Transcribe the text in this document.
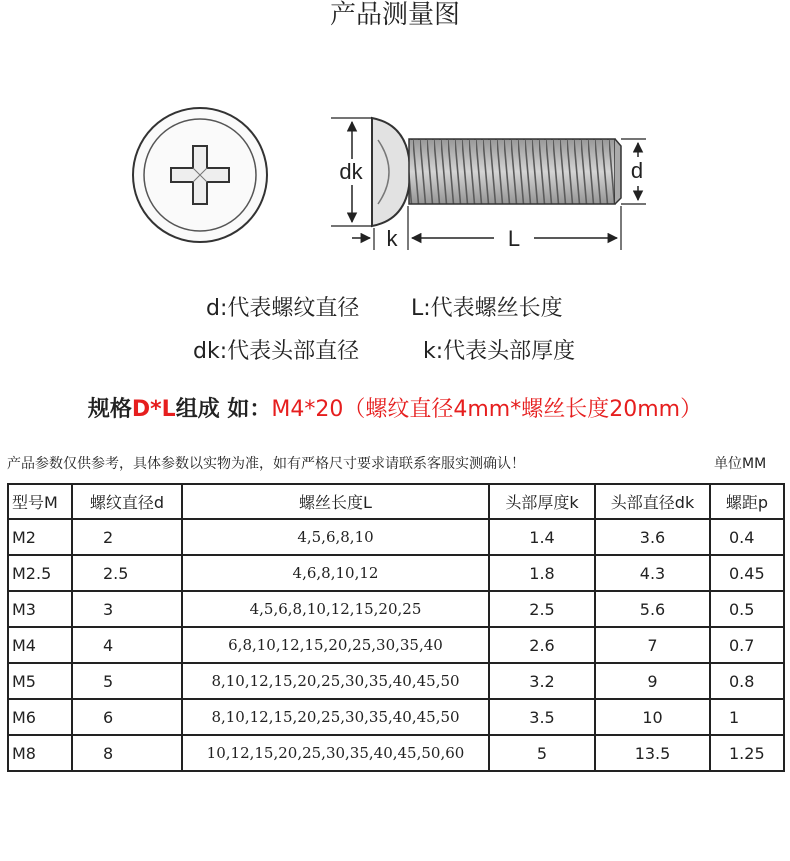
产品测量图
dk	d
k	L
d:代表螺纹直径 L:代表螺丝长度
dk:代表头部直径	k:代表头部厚度
规格D*L组成 如：M4*20（螺纹直径4mm*螺丝长度20mm）
产品参数仅供参考，具体参数以实物为准，如有严格尺寸要求请联系客服实测确认！	单位MM
型号M	螺纹直径d	螺丝长度L	头部厚度k	头部直径dk	螺距p
M2	2	4,5,6,8,10	1.4	3.6	0.4
M2.5	2.5	4,6,8,10,12	1.8	4.3	0.45
M3	3	4,5,6,8,10,12,15,20,25	2.5	5.6	0.5
M4	4	6,8,10,12,15,20,25,30,35,40	2.6	7	0.7
M5	5	8,10,12,15,20,25,30,35,40,45,50	3.2	9	0.8
M6	6	8,10,12,15,20,25,30,35,40,45,50	3.5	10	1
M8	8	10,12,15,20,25,30,35,40,45,50,60	5	13.5	1.25
